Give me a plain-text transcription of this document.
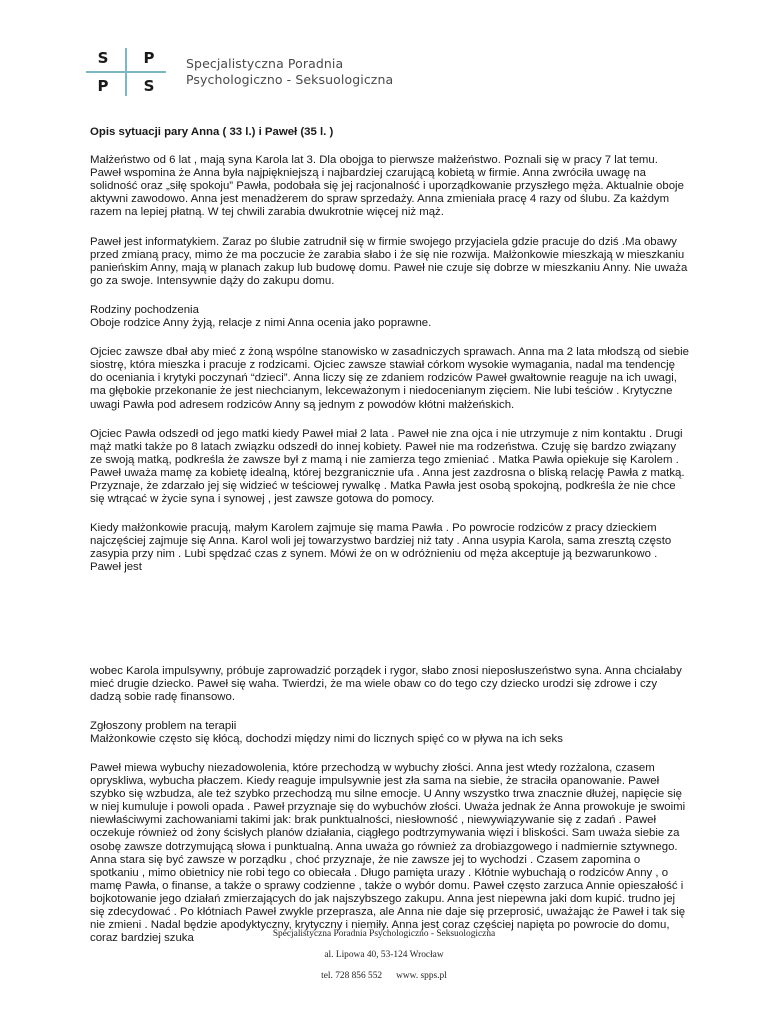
S	P
P	S
Specjalistyczna Poradnia
Psychologiczno - Seksuologiczna
Opis sytuacji pary Anna ( 33 l.) i Paweł (35 l. )
Małżeństwo od 6 lat , mają syna Karola lat 3. Dla obojga to pierwsze małżeństwo. Poznali się w pracy 7 lat temu. Paweł wspomina że Anna była najpiękniejszą i najbardziej czarującą kobietą w firmie. Anna zwróciła uwagę na solidność oraz „siłę spokoju” Pawła, podobała się jej racjonalność i uporządkowanie przyszłego męża. Aktualnie oboje aktywni zawodowo. Anna jest menadżerem do spraw sprzedaży. Anna zmieniała pracę 4 razy od ślubu. Za każdym razem na lepiej płatną. W tej chwili zarabia dwukrotnie więcej niż mąż.
Paweł jest informatykiem. Zaraz po ślubie zatrudnił się w firmie swojego przyjaciela gdzie pracuje do dziś .Ma obawy przed zmianą pracy, mimo że ma poczucie że zarabia słabo i że się nie rozwija. Małżonkowie mieszkają w mieszkaniu panieńskim Anny, mają w planach zakup lub budowę domu. Paweł nie czuje się dobrze w mieszkaniu Anny. Nie uważa go za swoje. Intensywnie dąży do zakupu domu.
Rodziny pochodzenia
Oboje rodzice Anny żyją, relacje z nimi Anna ocenia jako poprawne.
Ojciec zawsze dbał aby mieć z żoną wspólne stanowisko w zasadniczych sprawach. Anna ma 2 lata młodszą od siebie siostrę, która mieszka i pracuje z rodzicami. Ojciec zawsze stawiał córkom wysokie wymagania, nadal ma tendencję do oceniania i krytyki poczynań “dzieci”. Anna liczy się ze zdaniem rodziców Paweł gwałtownie reaguje na ich uwagi, ma głębokie przekonanie że jest niechcianym, lekceważonym i niedocenianym zięciem. Nie lubi teściów . Krytyczne uwagi Pawła pod adresem rodziców Anny są jednym z powodów kłótni małżeńskich.
Ojciec Pawła odszedł od jego matki kiedy Paweł miał 2 lata . Paweł nie zna ojca i nie utrzymuje z nim kontaktu . Drugi mąż matki także po 8 latach związku odszedł do innej kobiety. Paweł nie ma rodzeństwa. Czuję się bardzo związany ze swoją matką, podkreśla że zawsze był z mamą i nie zamierza tego zmieniać . Matka Pawła opiekuje się Karolem . Paweł uważa mamę za kobietę idealną, której bezgranicznie ufa . Anna jest zazdrosna o bliską relację Pawła z matką. Przyznaje, że zdarzało jej się widzieć w teściowej rywalkę . Matka Pawła jest osobą spokojną, podkreśla że nie chce się wtrącać w życie syna i synowej , jest zawsze gotowa do pomocy.
Kiedy małżonkowie pracują, małym Karolem zajmuje się mama Pawła . Po powrocie rodziców z pracy dzieckiem najczęściej zajmuje się Anna. Karol woli jej towarzystwo bardziej niż taty . Anna usypia Karola, sama zresztą często zasypia przy nim . Lubi spędzać czas z synem. Mówi że on w odróżnieniu od męża akceptuje ją bezwarunkowo . Paweł jest
wobec Karola impulsywny, próbuje zaprowadzić porządek i rygor, słabo znosi nieposłuszeństwo syna. Anna chciałaby mieć drugie dziecko. Paweł się waha. Twierdzi, że ma wiele obaw co do tego czy dziecko urodzi się zdrowe i czy dadzą sobie radę finansowo.
Zgłoszony problem na terapii
Małżonkowie często się kłócą, dochodzi między nimi do licznych spięć co w pływa na ich seks
Paweł miewa wybuchy niezadowolenia, które przechodzą w wybuchy złości. Anna jest wtedy rozżalona, czasem opryskliwa, wybucha płaczem. Kiedy reaguje impulsywnie jest zła sama na siebie, że straciła opanowanie. Paweł szybko się wzbudza, ale też szybko przechodzą mu silne emocje. U Anny wszystko trwa znacznie dłużej, napięcie się w niej kumuluje i powoli opada . Paweł przyznaje się do wybuchów złości. Uważa jednak że Anna prowokuje je swoimi niewłaściwymi zachowaniami takimi jak: brak punktualności, niesłowność , niewywiązywanie się z zadań . Paweł oczekuje również od żony ścisłych planów działania, ciągłego podtrzymywania więzi i bliskości. Sam uważa siebie za osobę zawsze dotrzymującą słowa i punktualną. Anna uważa go również za drobiazgowego i nadmiernie sztywnego. Anna stara się być zawsze w porządku , choć przyznaje, że nie zawsze jej to wychodzi . Czasem zapomina o spotkaniu , mimo obietnicy nie robi tego co obiecała . Długo pamięta urazy . Kłótnie wybuchają o rodziców Anny , o mamę Pawła, o finanse, a także o sprawy codzienne , także o wybór domu. Paweł często zarzuca Annie opieszałość i bojkotowanie jego działań zmierzających do jak najszybszego zakupu. Anna jest niepewna jaki dom kupić. trudno jej się zdecydować . Po kłótniach Paweł zwykle przeprasza, ale Anna nie daje się przeprosić, uważając że Paweł i tak się nie zmieni . Nadal będzie apodyktyczny, krytyczny i niemiły. Anna jest coraz częściej napięta po powrocie do domu, coraz bardziej szuka	Specjalistyczna Poradnia Psychologiczno - Seksuologiczna
al. Lipowa 40, 53-124 Wrocław
tel. 728 856 552      www. spps.pl
